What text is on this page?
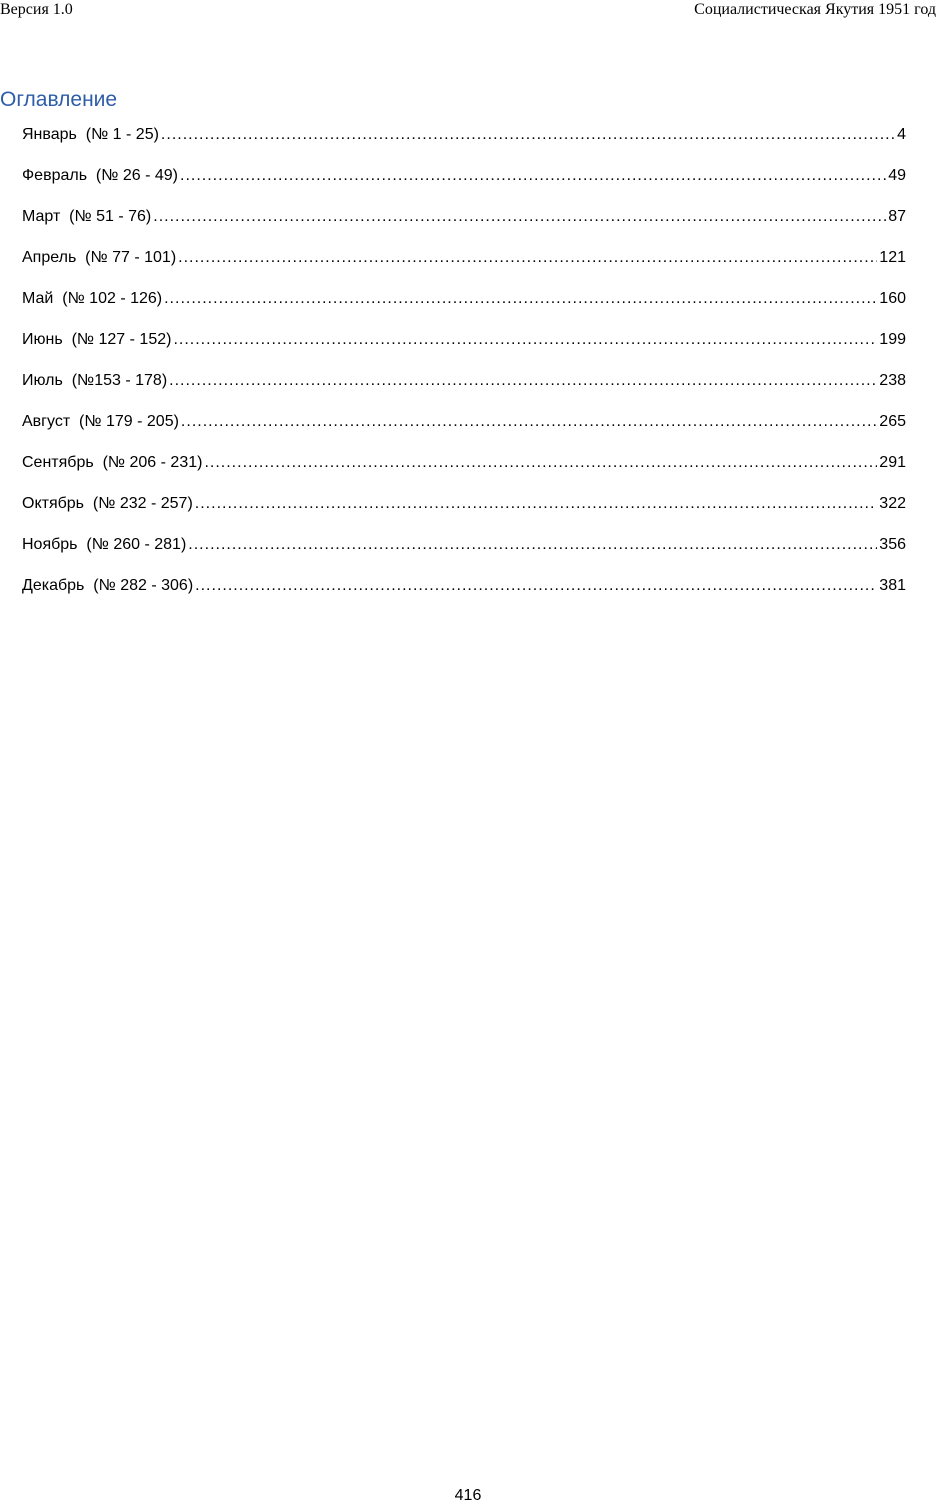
Версия 1.0	Социалистическая Якутия 1951 год
Оглавление
Январь  (№ 1 - 25) .....	4
Февраль  (№ 26 - 49) .....	49
Март  (№ 51 - 76) .....	87
Апрель  (№ 77 - 101) .....	121
Май  (№ 102 - 126) .....	160
Июнь  (№ 127 - 152) .....	199
Июль  (№153 - 178) .....	238
Август  (№ 179 - 205) .....	265
Сентябрь  (№ 206 - 231) .....	291
Октябрь  (№ 232 - 257) .....	322
Ноябрь  (№ 260 - 281) .....	356
Декабрь  (№ 282 - 306) .....	381
416
